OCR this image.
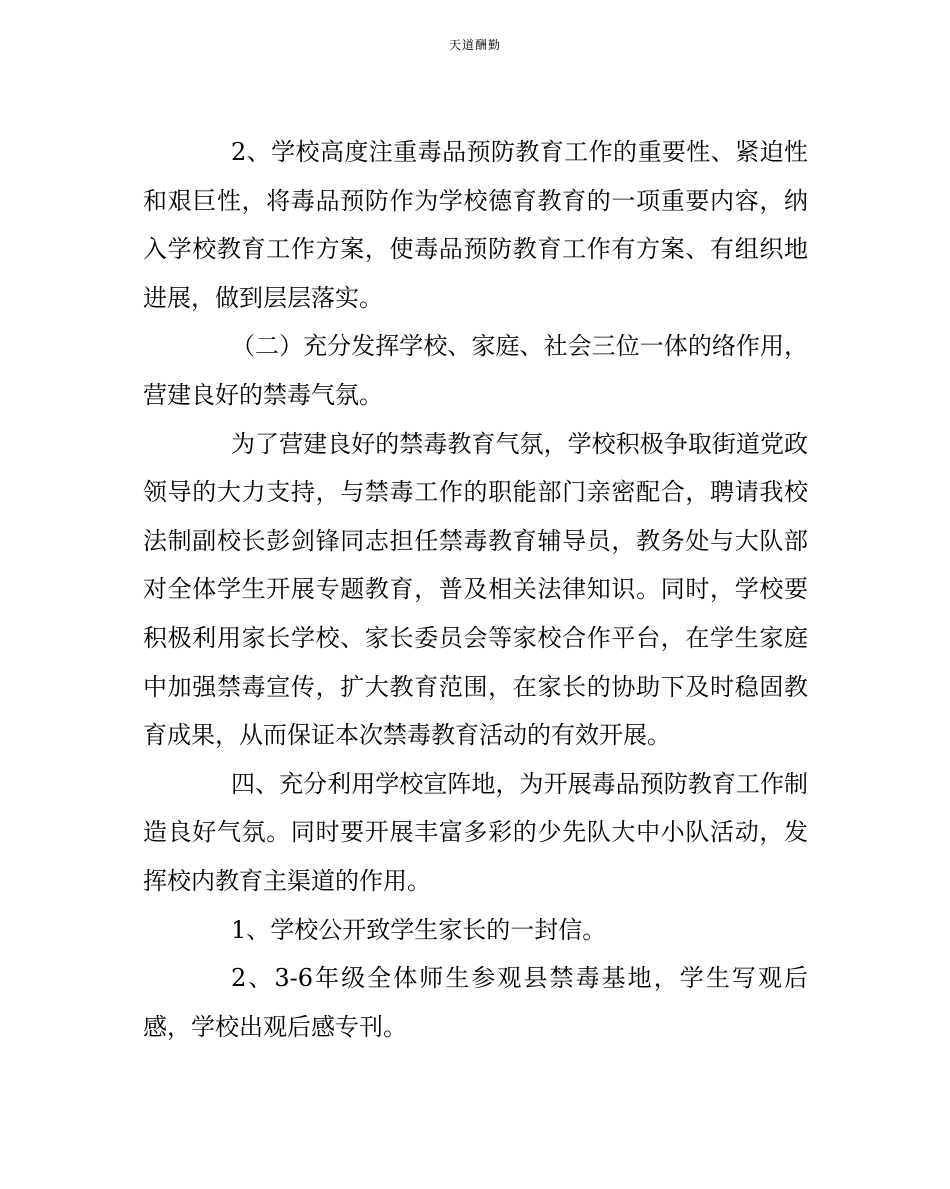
天道酬勤

2、学校高度注重毒品预防教育工作的重要性、紧迫性和艰巨性，将毒品预防作为学校德育教育的一项重要内容，纳入学校教育工作方案，使毒品预防教育工作有方案、有组织地进展，做到层层落实。

（二）充分发挥学校、家庭、社会三位一体的络作用，营建良好的禁毒气氛。

为了营建良好的禁毒教育气氛，学校积极争取街道党政领导的大力支持，与禁毒工作的职能部门亲密配合，聘请我校法制副校长彭剑锋同志担任禁毒教育辅导员，教务处与大队部对全体学生开展专题教育，普及相关法律知识。同时，学校要积极利用家长学校、家长委员会等家校合作平台，在学生家庭中加强禁毒宣传，扩大教育范围，在家长的协助下及时稳固教育成果，从而保证本次禁毒教育活动的有效开展。

四、充分利用学校宣阵地，为开展毒品预防教育工作制造良好气氛。同时要开展丰富多彩的少先队大中小队活动，发挥校内教育主渠道的作用。

1、学校公开致学生家长的一封信。

2、3-6年级全体师生参观县禁毒基地，学生写观后感，学校出观后感专刊。
